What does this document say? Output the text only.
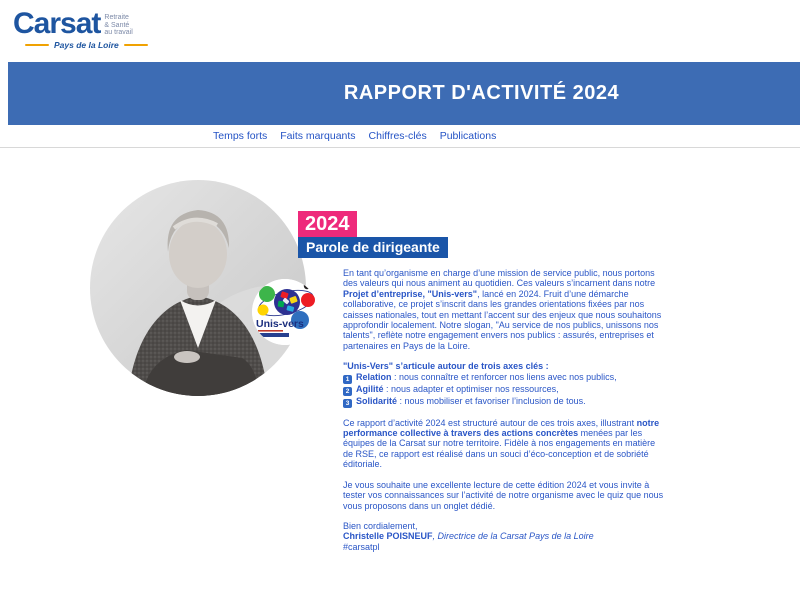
Carsat Retraite
& Santé
au travail
Pays de la Loire
RAPPORT D'ACTIVITÉ 2024
Temps forts Faits marquants Chiffres-clés Publications
Unis-vers
2024
Parole de dirigeante

En tant qu’organisme en charge d’une mission de service public, nous portons des valeurs qui nous animent au quotidien. Ces valeurs s’incarnent dans notre Projet d’entreprise, "Unis-vers", lancé en 2024. Fruit d’une démarche collaborative, ce projet s’inscrit dans les grandes orientations fixées par nos caisses nationales, tout en mettant l’accent sur des enjeux que nous souhaitons approfondir localement. Notre slogan, "Au service de nos publics, unissons nos talents", reflète notre engagement envers nos publics : assurés, entreprises et partenaires en Pays de la Loire.

"Unis-Vers" s’articule autour de trois axes clés :

1 Relation : nous connaître et renforcer nos liens avec nos publics,
2 Agilité : nous adapter et optimiser nos ressources,
3 Solidarité : nous mobiliser et favoriser l’inclusion de tous.

Ce rapport d’activité 2024 est structuré autour de ces trois axes, illustrant notre performance collective à travers des actions concrètes menées par les équipes de la Carsat sur notre territoire. Fidèle à nos engagements en matière de RSE, ce rapport est réalisé dans un souci d’éco-conception et de sobriété éditoriale.

Je vous souhaite une excellente lecture de cette édition 2024 et vous invite à tester vos connaissances sur l’activité de notre organisme avec le quiz que nous vous proposons dans un onglet dédié.

Bien cordialement,
Christelle POISNEUF, Directrice de la Carsat Pays de la Loire
#carsatpl
